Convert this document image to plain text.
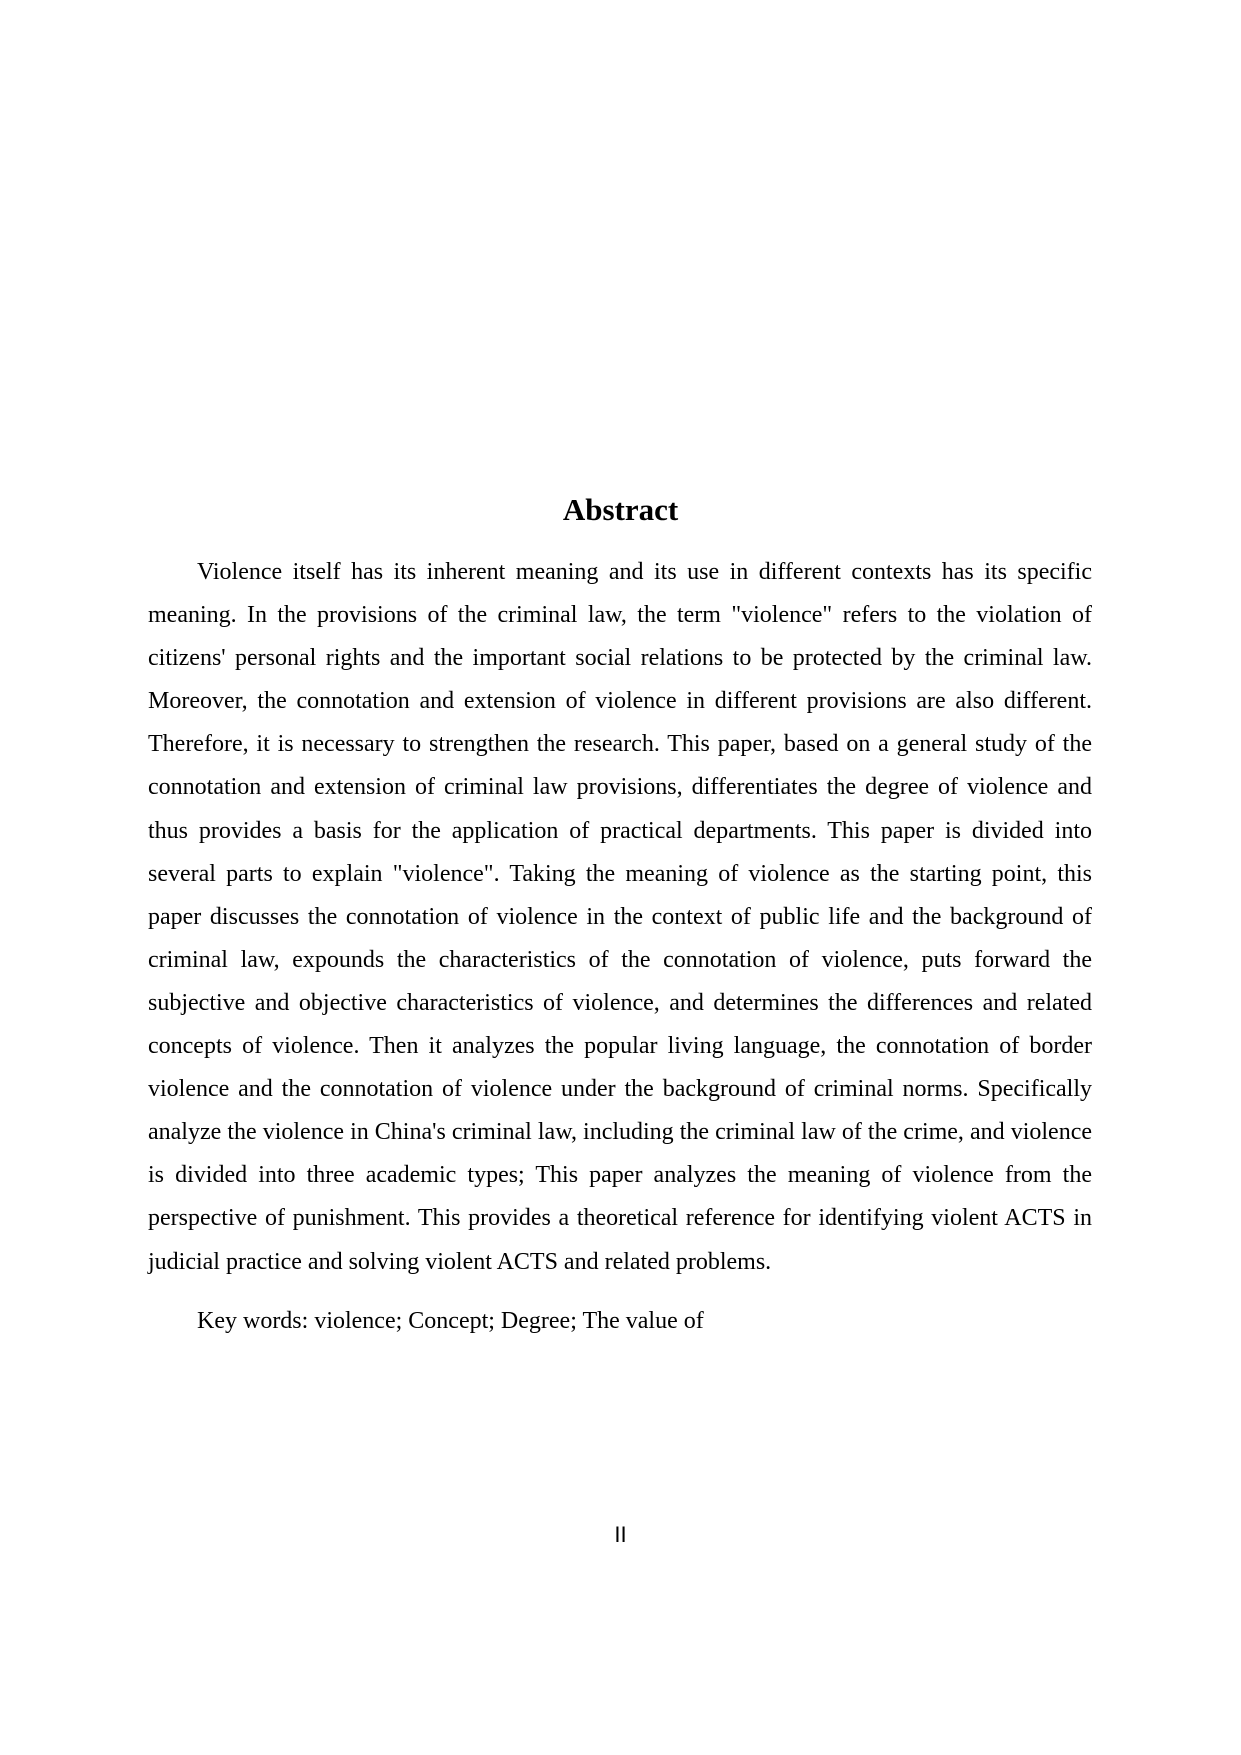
Abstract

Violence itself has its inherent meaning and its use in different contexts has its specific meaning. In the provisions of the criminal law, the term "violence" refers to the violation of citizens' personal rights and the important social relations to be protected by the criminal law. Moreover, the connotation and extension of violence in different provisions are also different. Therefore, it is necessary to strengthen the research. This paper, based on a general study of the connotation and extension of criminal law provisions, differentiates the degree of violence and thus provides a basis for the application of practical departments. This paper is divided into several parts to explain "violence". Taking the meaning of violence as the starting point, this paper discusses the connotation of violence in the context of public life and the background of criminal law, expounds the characteristics of the connotation of violence, puts forward the subjective and objective characteristics of violence, and determines the differences and related concepts of violence. Then it analyzes the popular living language, the connotation of border violence and the connotation of violence under the background of criminal norms. Specifically analyze the violence in China's criminal law, including the criminal law of the crime, and violence is divided into three academic types; This paper analyzes the meaning of violence from the perspective of punishment. This provides a theoretical reference for identifying violent ACTS in judicial practice and solving violent ACTS and related problems.

Key words: violence; Concept; Degree; The value of

II
